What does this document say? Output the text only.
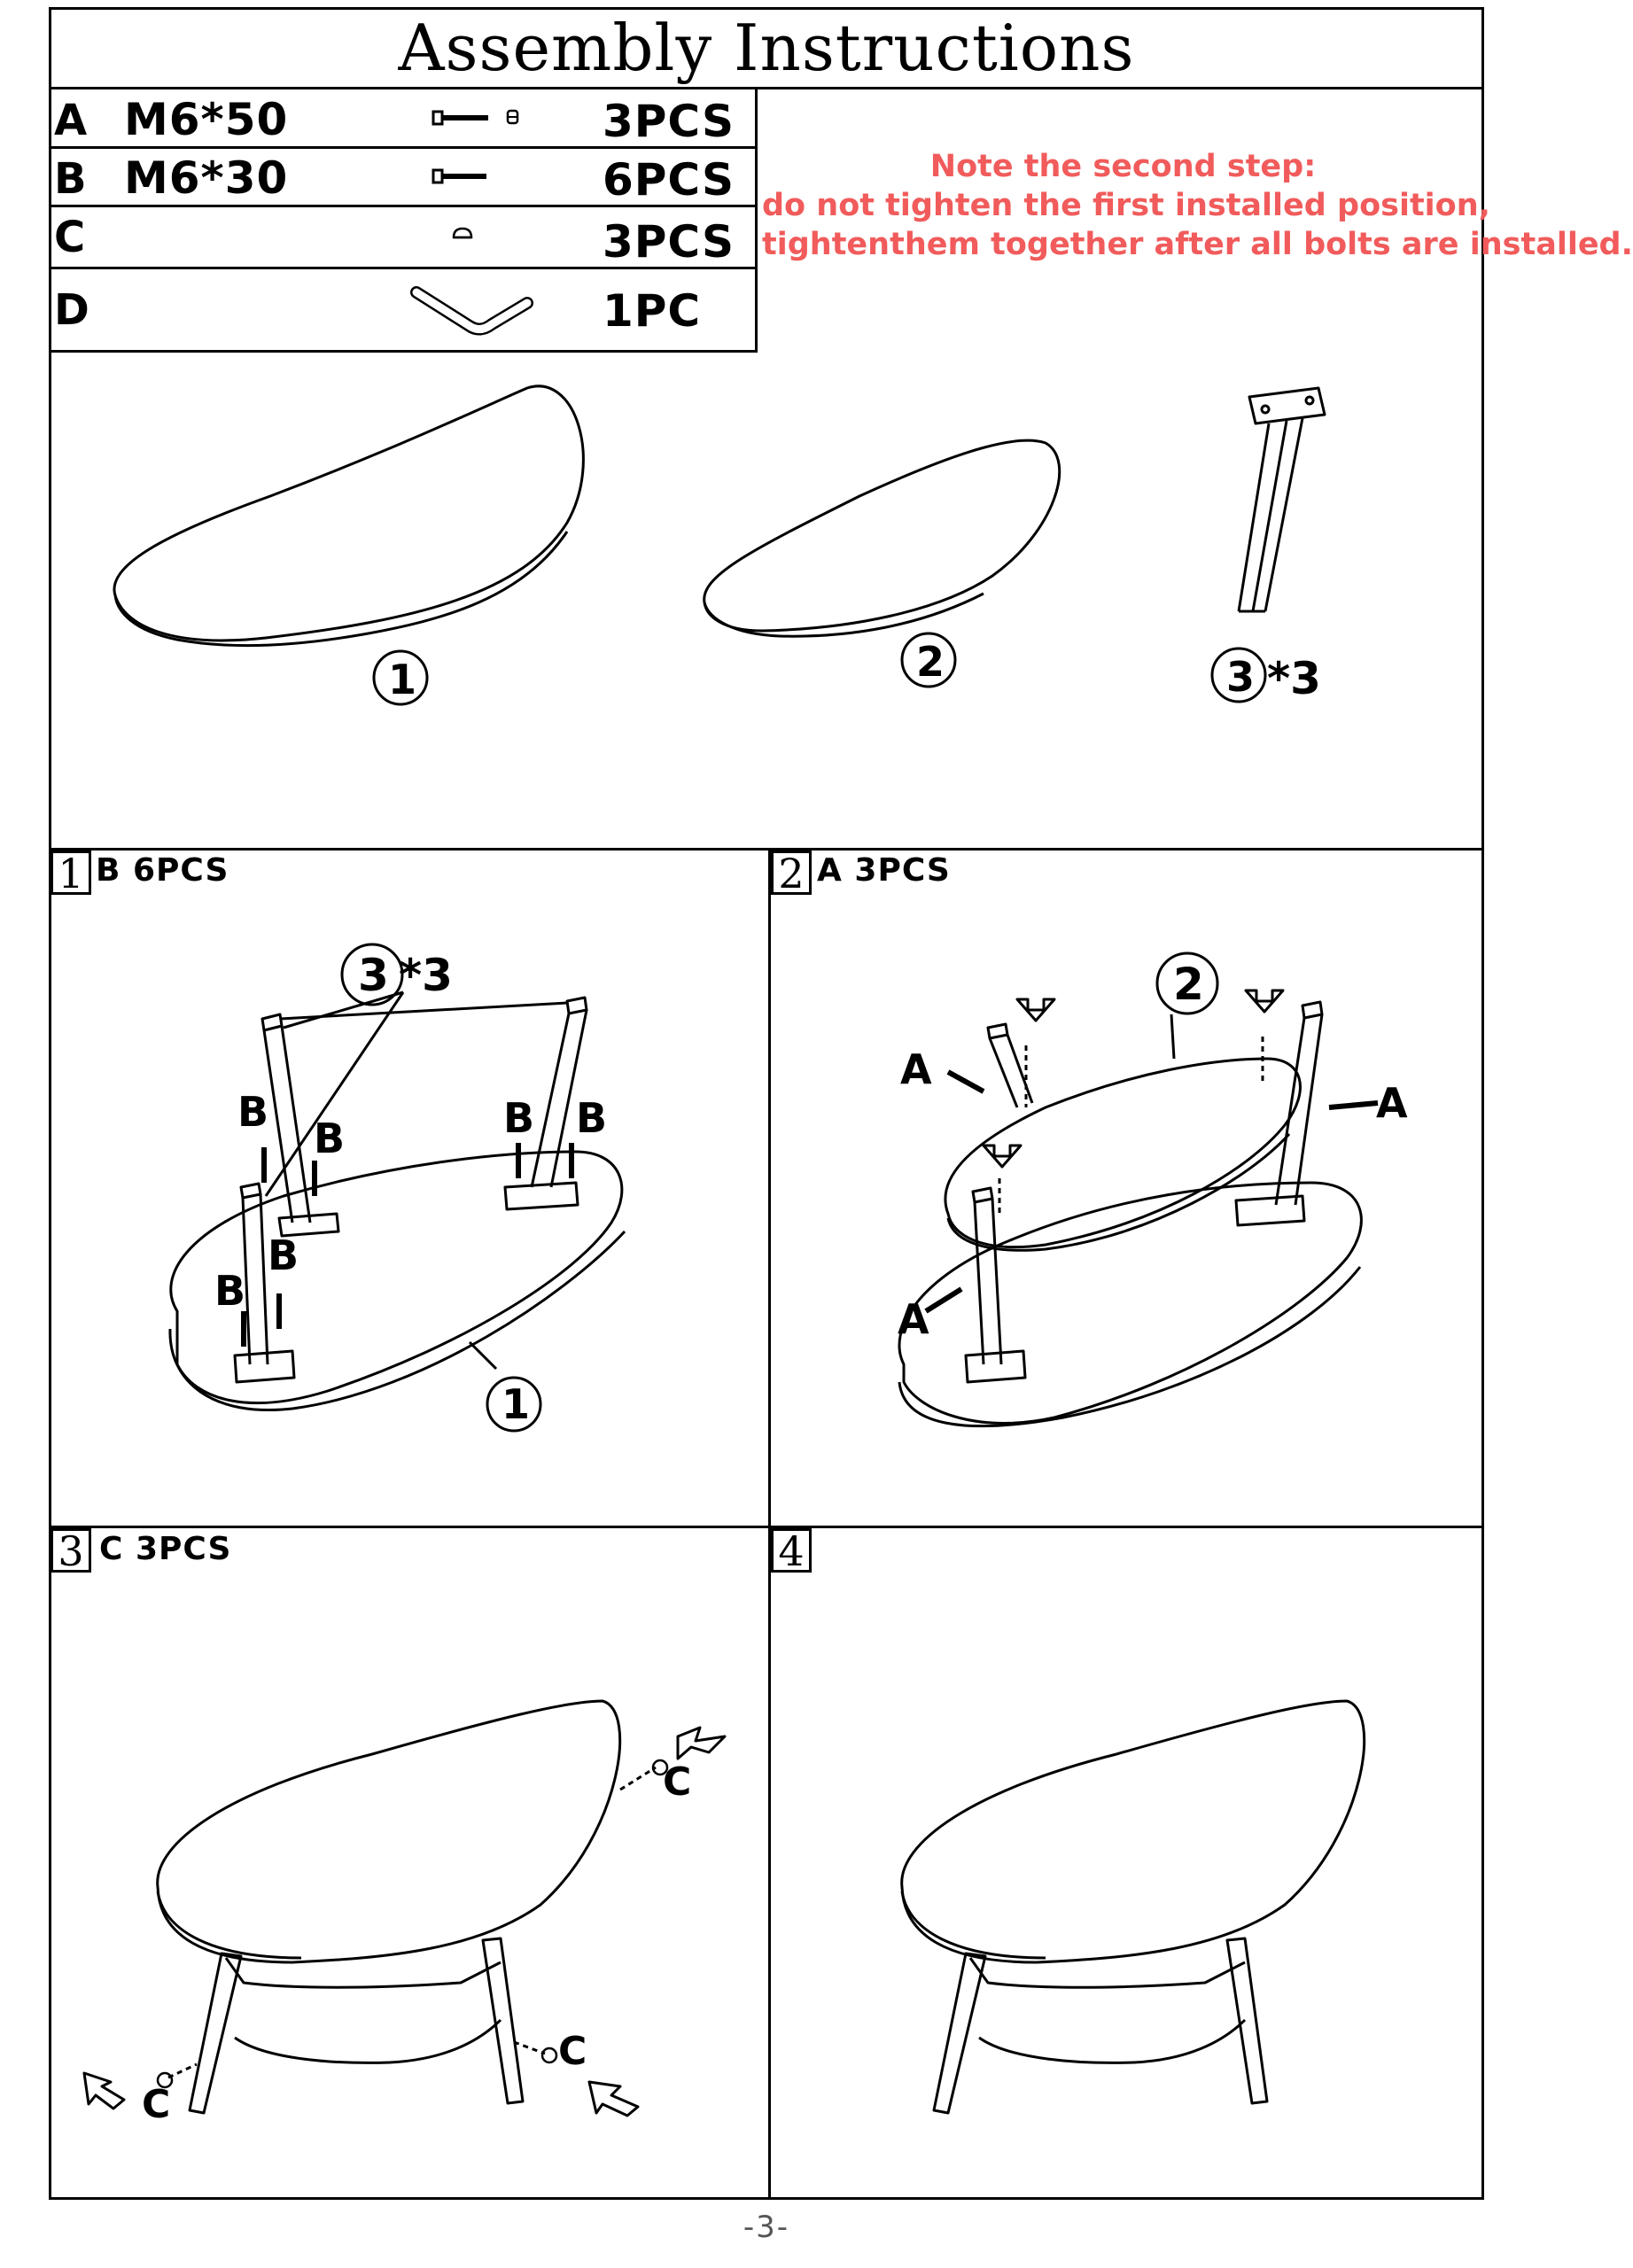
Assembly Instructions
A M6*50	3PCS
B M6*30	6PCS
C	3PCS
D	1PC
Note the second step:
do not tighten the first installed position,
tightenthem together after all bolts are installed.
1	2	3 *3
1 B 6PCS	2 A 3PCS
3 C 3PCS	4
3 *3
1
B
B	B B
B
B
A
A
A
2
C
C
C
-3-
